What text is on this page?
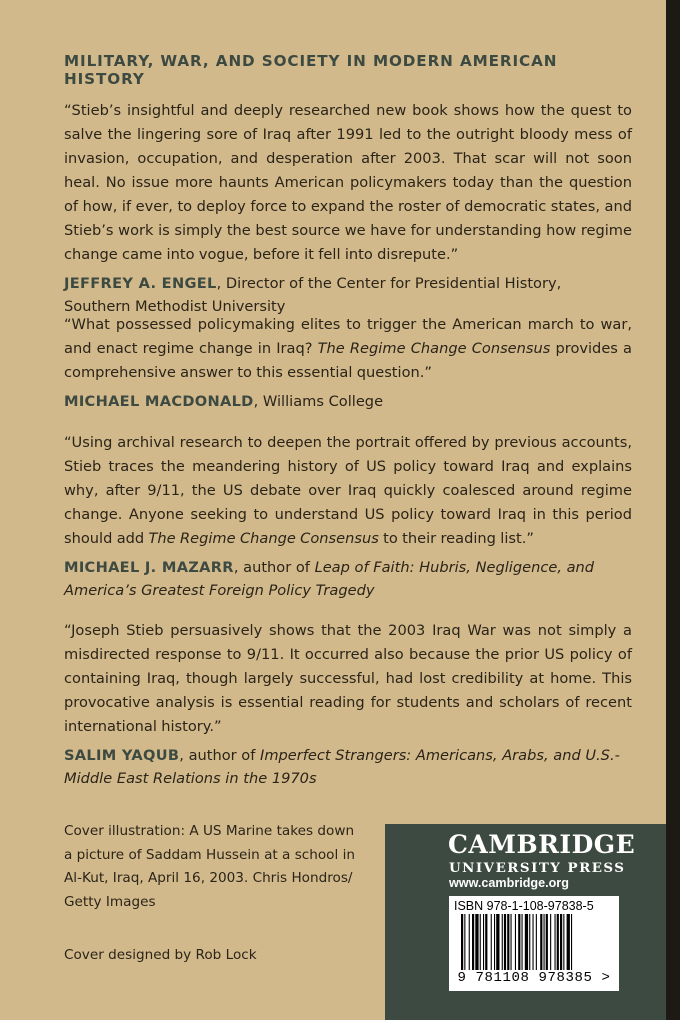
MILITARY, WAR, AND SOCIETY IN MODERN AMERICAN HISTORY

“Stieb’s insightful and deeply researched new book shows how the quest to salve the lingering sore of Iraq after 1991 led to the outright bloody mess of invasion, occupation, and desperation after 2003. That scar will not soon heal. No issue more haunts American policymakers today than the question of how, if ever, to deploy force to expand the roster of democratic states, and Stieb’s work is simply the best source we have for understanding how regime change came into vogue, before it fell into disrepute.”

JEFFREY A. ENGEL, Director of the Center for Presidential History, Southern Methodist University

“What possessed policymaking elites to trigger the American march to war, and enact regime change in Iraq? The Regime Change Consensus provides a comprehensive answer to this essential question.”

MICHAEL MACDONALD, Williams College

“Using archival research to deepen the portrait offered by previous accounts, Stieb traces the meandering history of US policy toward Iraq and explains why, after 9/11, the US debate over Iraq quickly coalesced around regime change. Anyone seeking to understand US policy toward Iraq in this period should add The Regime Change Consensus to their reading list.”

MICHAEL J. MAZARR, author of Leap of Faith: Hubris, Negligence, and America’s Greatest Foreign Policy Tragedy

“Joseph Stieb persuasively shows that the 2003 Iraq War was not simply a misdirected response to 9/11. It occurred also because the prior US policy of containing Iraq, though largely successful, had lost credibility at home. This provocative analysis is essential reading for students and scholars of recent international history.”

SALIM YAQUB, author of Imperfect Strangers: Americans, Arabs, and U.S.-Middle East Relations in the 1970s
Cover illustration: A US Marine takes down a picture of Saddam Hussein at a school in Al-Kut, Iraq, April 16, 2003. Chris Hondros/ Getty Images
Cover designed by Rob Lock
CAMBRIDGE
UNIVERSITY PRESS
www.cambridge.org
ISBN 978-1-108-97838-5
9 781108 978385 >
